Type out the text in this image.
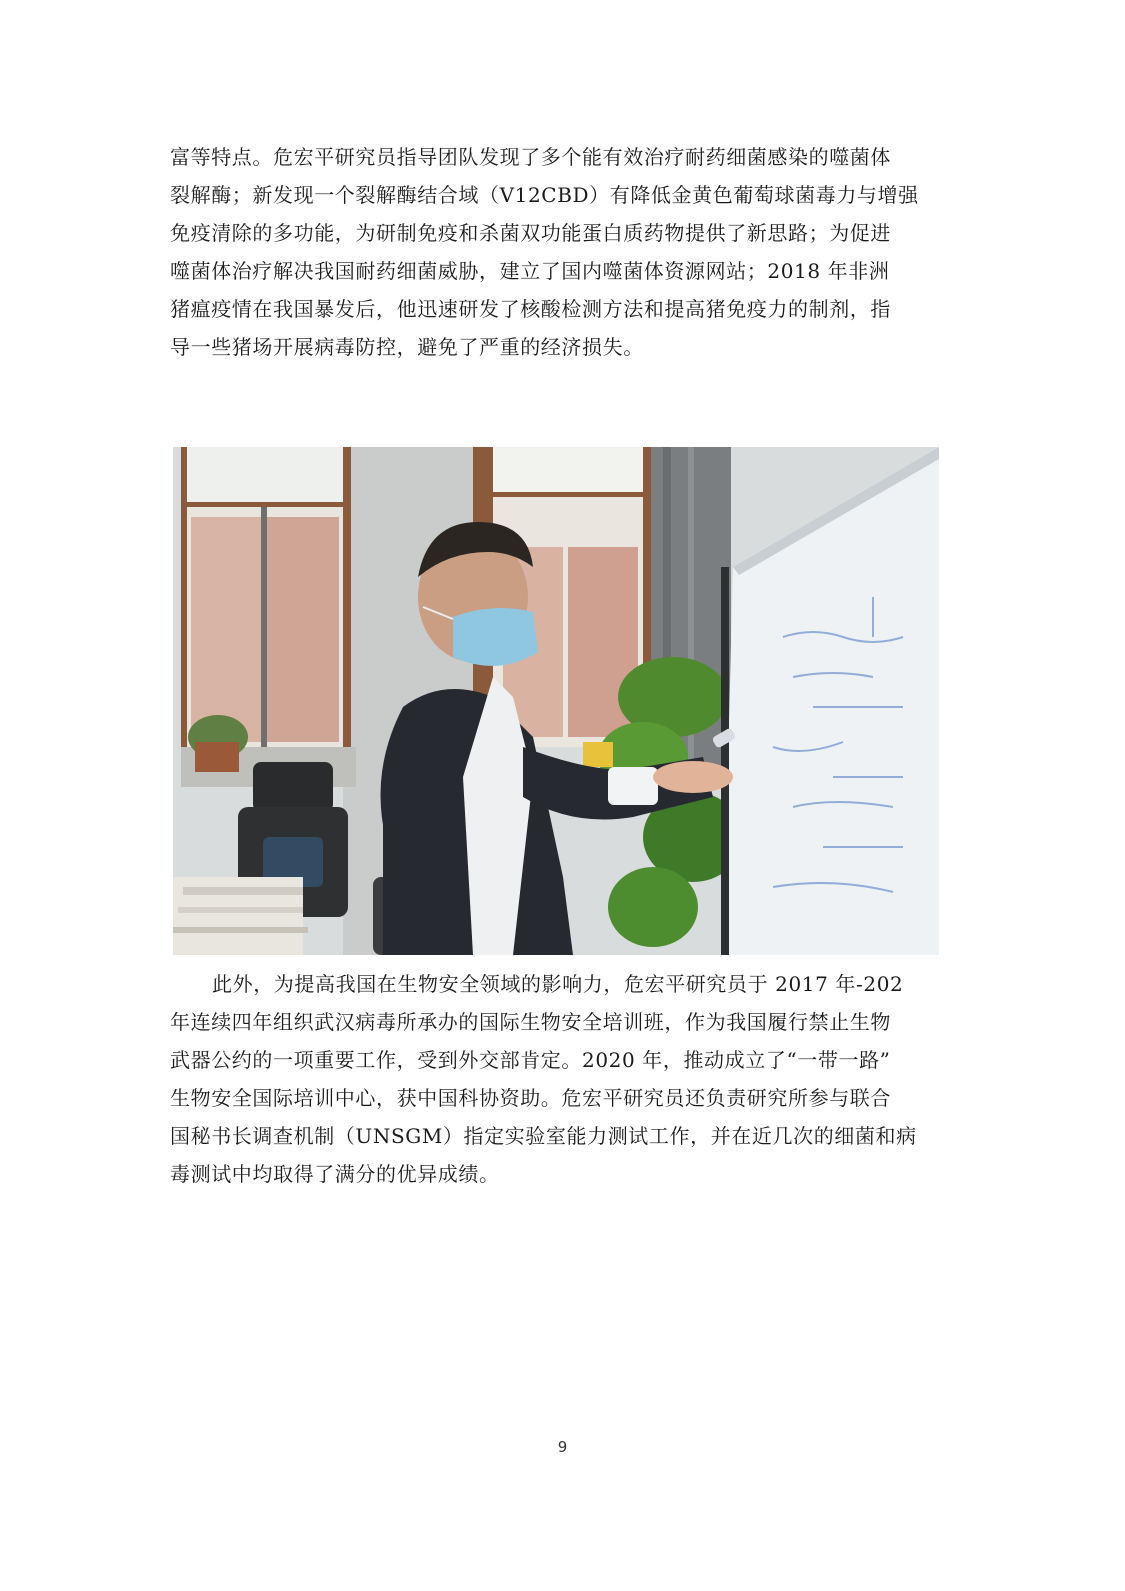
富等特点。危宏平研究员指导团队发现了多个能有效治疗耐药细菌感染的噬菌体
裂解酶；新发现一个裂解酶结合域（V12CBD）有降低金黄色葡萄球菌毒力与增强
免疫清除的多功能，为研制免疫和杀菌双功能蛋白质药物提供了新思路；为促进
噬菌体治疗解决我国耐药细菌威胁，建立了国内噬菌体资源网站；2018 年非洲
猪瘟疫情在我国暴发后，他迅速研发了核酸检测方法和提高猪免疫力的制剂，指
导一些猪场开展病毒防控，避免了严重的经济损失。
此外，为提高我国在生物安全领域的影响力，危宏平研究员于 2017 年-202
年连续四年组织武汉病毒所承办的国际生物安全培训班，作为我国履行禁止生物
武器公约的一项重要工作，受到外交部肯定。2020 年，推动成立了“一带一路”
生物安全国际培训中心，获中国科协资助。危宏平研究员还负责研究所参与联合
国秘书长调查机制（UNSGM）指定实验室能力测试工作，并在近几次的细菌和病
毒测试中均取得了满分的优异成绩。
9
